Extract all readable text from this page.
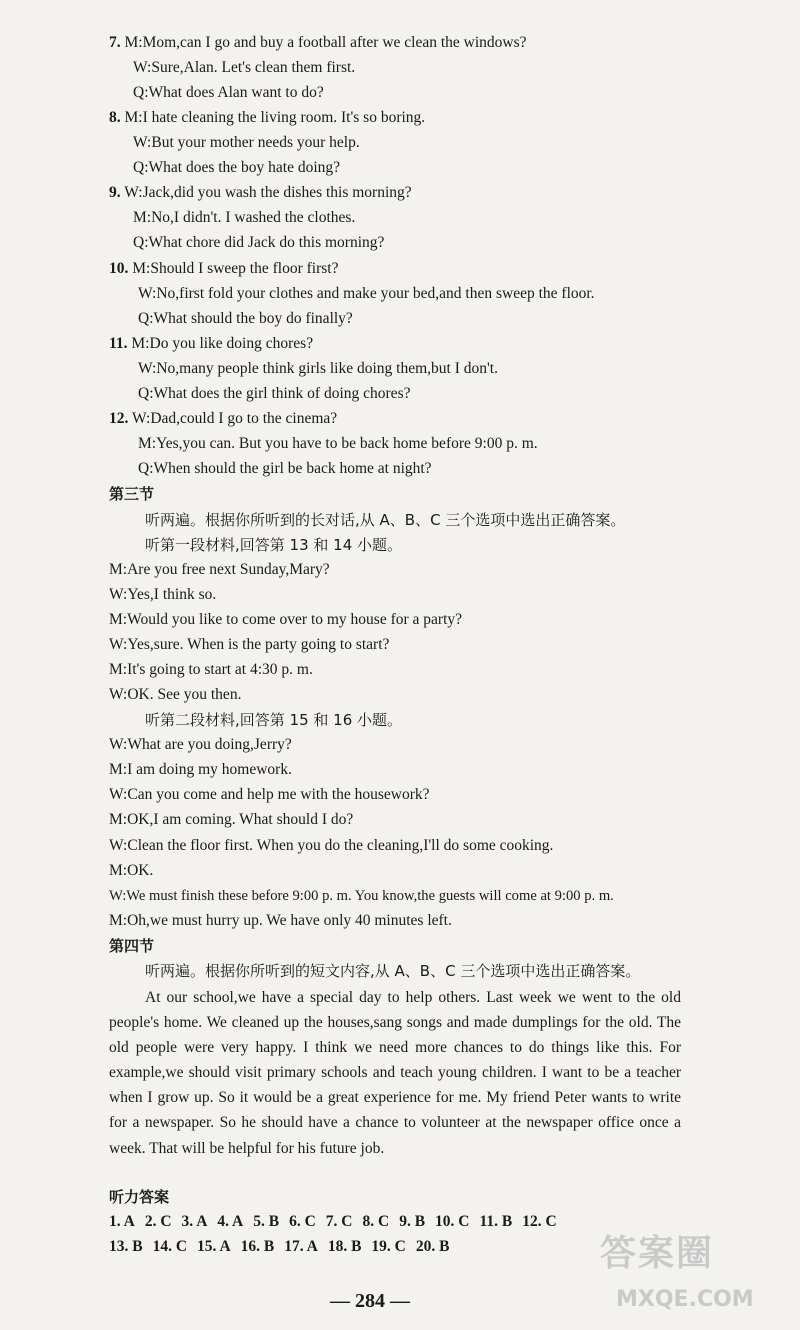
7. M:Mom,can I go and buy a football after we clean the windows?
W:Sure,Alan. Let's clean them first.
Q:What does Alan want to do?
8. M:I hate cleaning the living room. It's so boring.
W:But your mother needs your help.
Q:What does the boy hate doing?
9. W:Jack,did you wash the dishes this morning?
M:No,I didn't. I washed the clothes.
Q:What chore did Jack do this morning?
10. M:Should I sweep the floor first?
W:No,first fold your clothes and make your bed,and then sweep the floor.
Q:What should the boy do finally?
11. M:Do you like doing chores?
W:No,many people think girls like doing them,but I don't.
Q:What does the girl think of doing chores?
12. W:Dad,could I go to the cinema?
M:Yes,you can. But you have to be back home before 9:00 p. m.
Q:When should the girl be back home at night?
第三节
听两遍。根据你所听到的长对话,从 A、B、C 三个选项中选出正确答案。
听第一段材料,回答第 13 和 14 小题。
M:Are you free next Sunday,Mary?
W:Yes,I think so.
M:Would you like to come over to my house for a party?
W:Yes,sure. When is the party going to start?
M:It's going to start at 4:30 p. m.
W:OK. See you then.
听第二段材料,回答第 15 和 16 小题。
W:What are you doing,Jerry?
M:I am doing my homework.
W:Can you come and help me with the housework?
M:OK,I am coming. What should I do?
W:Clean the floor first. When you do the cleaning,I'll do some cooking.
M:OK.
W:We must finish these before 9:00 p. m. You know,the guests will come at 9:00 p. m.
M:Oh,we must hurry up. We have only 40 minutes left.
第四节
听两遍。根据你所听到的短文内容,从 A、B、C 三个选项中选出正确答案。
At our school,we have a special day to help others. Last week we went to the old people's home. We cleaned up the houses,sang songs and made dumplings for the old. The old people were very happy. I think we need more chances to do things like this. For example,we should visit primary schools and teach young children. I want to be a teacher when I grow up. So it would be a great experience for me. My friend Peter wants to write for a newspaper. So he should have a chance to volunteer at the newspaper office once a week. That will be helpful for his future job.
听力答案
1. A 2. C 3. A 4. A 5. B 6. C 7. C 8. C 9. B 10. C 11. B 12. C
13. B 14. C 15. A 16. B 17. A 18. B 19. C 20. B	答案圈
MXQE.COM
— 284 —
